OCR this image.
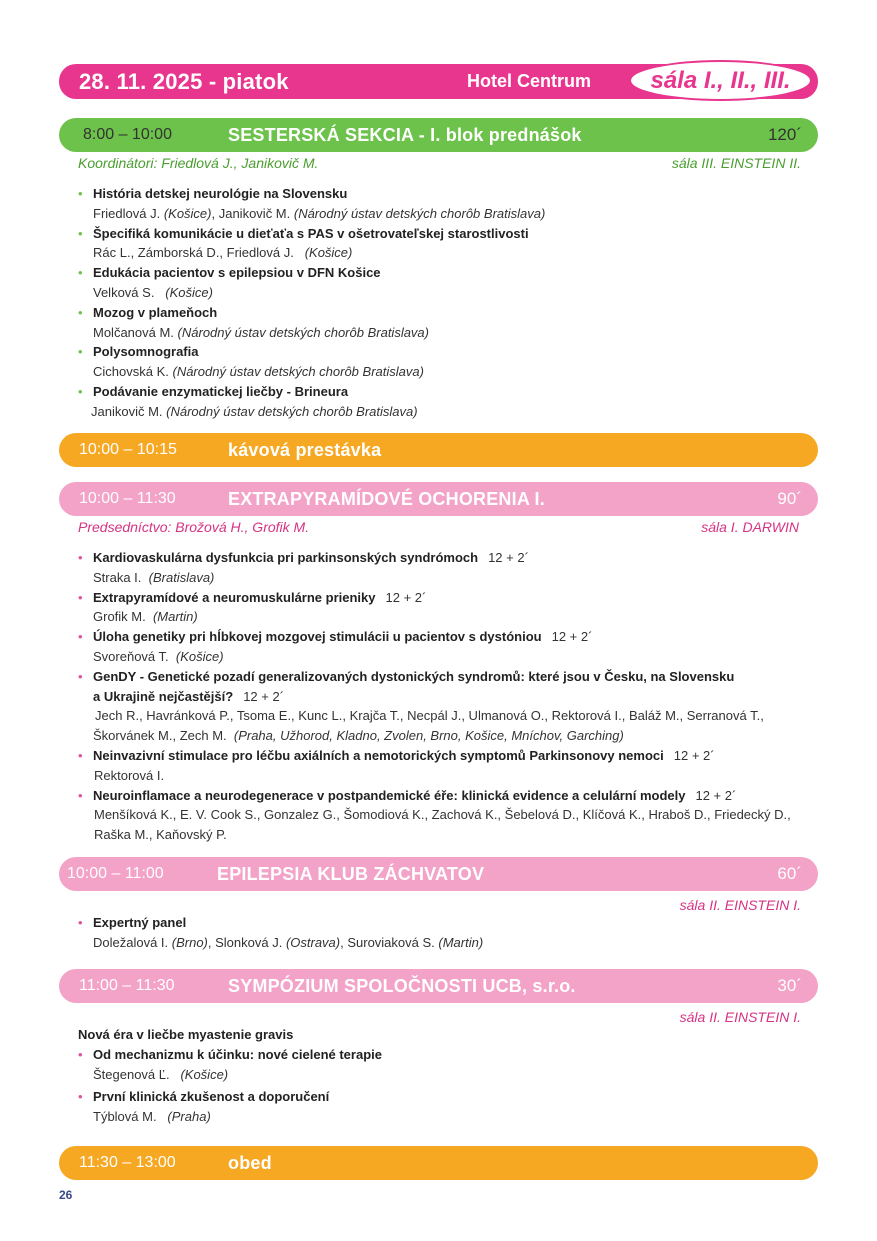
28. 11. 2025 - piatok	Hotel Centrum	sála I., II., III.
8:00 – 10:00	SESTERSKÁ SEKCIA - I. blok prednášok	120´
Koordinátori: Friedlová J., Janikovič M.	sála III. EINSTEIN II.
• História detskej neurológie na Slovensku
Friedlová J. (Košice), Janikovič M. (Národný ústav detských chorôb Bratislava)
• Špecifiká komunikácie u dieťaťa s PAS v ošetrovateľskej starostlivosti
Rác L., Zámborská D., Friedlová J.   (Košice)
• Edukácia pacientov s epilepsiou v DFN Košice
Velková S.   (Košice)
• Mozog v plameňoch
Molčanová M. (Národný ústav detských chorôb Bratislava)
• Polysomnografia
Cichovská K. (Národný ústav detských chorôb Bratislava)
• Podávanie enzymatickej liečby - Brineura
Janikovič M. (Národný ústav detských chorôb Bratislava)
10:00 – 10:15	kávová prestávka
10:00 – 11:30	EXTRAPYRAMÍDOVÉ OCHORENIA I.	90´
Predsedníctvo: Brožová H., Grofik M.	sála I. DARWIN
• Kardiovaskulárna dysfunkcia pri parkinsonských syndrómoch 12 + 2´
Straka I.  (Bratislava)
• Extrapyramídové a neuromuskulárne prieniky 12 + 2´
Grofik M.  (Martin)
• Úloha genetiky pri hĺbkovej mozgovej stimulácii u pacientov s dystóniou 12 + 2´
Svoreňová T.  (Košice)
• GenDY - Genetické pozadí generalizovaných dystonických syndromů: které jsou v Česku, na Slovensku
a Ukrajině nejčastější? 12 + 2´
Jech R., Havránková P., Tsoma E., Kunc L., Krajča T., Necpál J., Ulmanová O., Rektorová I., Baláž M., Serranová T.,
Škorvánek M., Zech M.  (Praha, Užhorod, Kladno, Zvolen, Brno, Košice, Mníchov, Garching)
• Neinvazivní stimulace pro léčbu axiálních a nemotorických symptomů Parkinsonovy nemoci 12 + 2´
Rektorová I.
• Neuroinflamace a neurodegenerace v postpandemické éře: klinická evidence a celulární modely 12 + 2´
Menšíková K., E. V. Cook S., Gonzalez G., Šomodiová K., Zachová K., Šebelová D., Klíčová K., Hraboš D., Friedecký D.,
Raška M., Kaňovský P.
10:00 – 11:00	EPILEPSIA KLUB ZÁCHVATOV	60´
sála II. EINSTEIN I.
• Expertný panel
Doležalová I. (Brno), Slonková J. (Ostrava), Suroviaková S. (Martin)
11:00 – 11:30	SYMPÓZIUM SPOLOČNOSTI UCB, s.r.o.	30´
sála II. EINSTEIN I.
Nová éra v liečbe myastenie gravis
• Od mechanizmu k účinku: nové cielené terapie
Štegenová Ľ.   (Košice)
• První klinická zkušenost a doporučení
Týblová M.   (Praha)
11:30 – 13:00	obed
26
